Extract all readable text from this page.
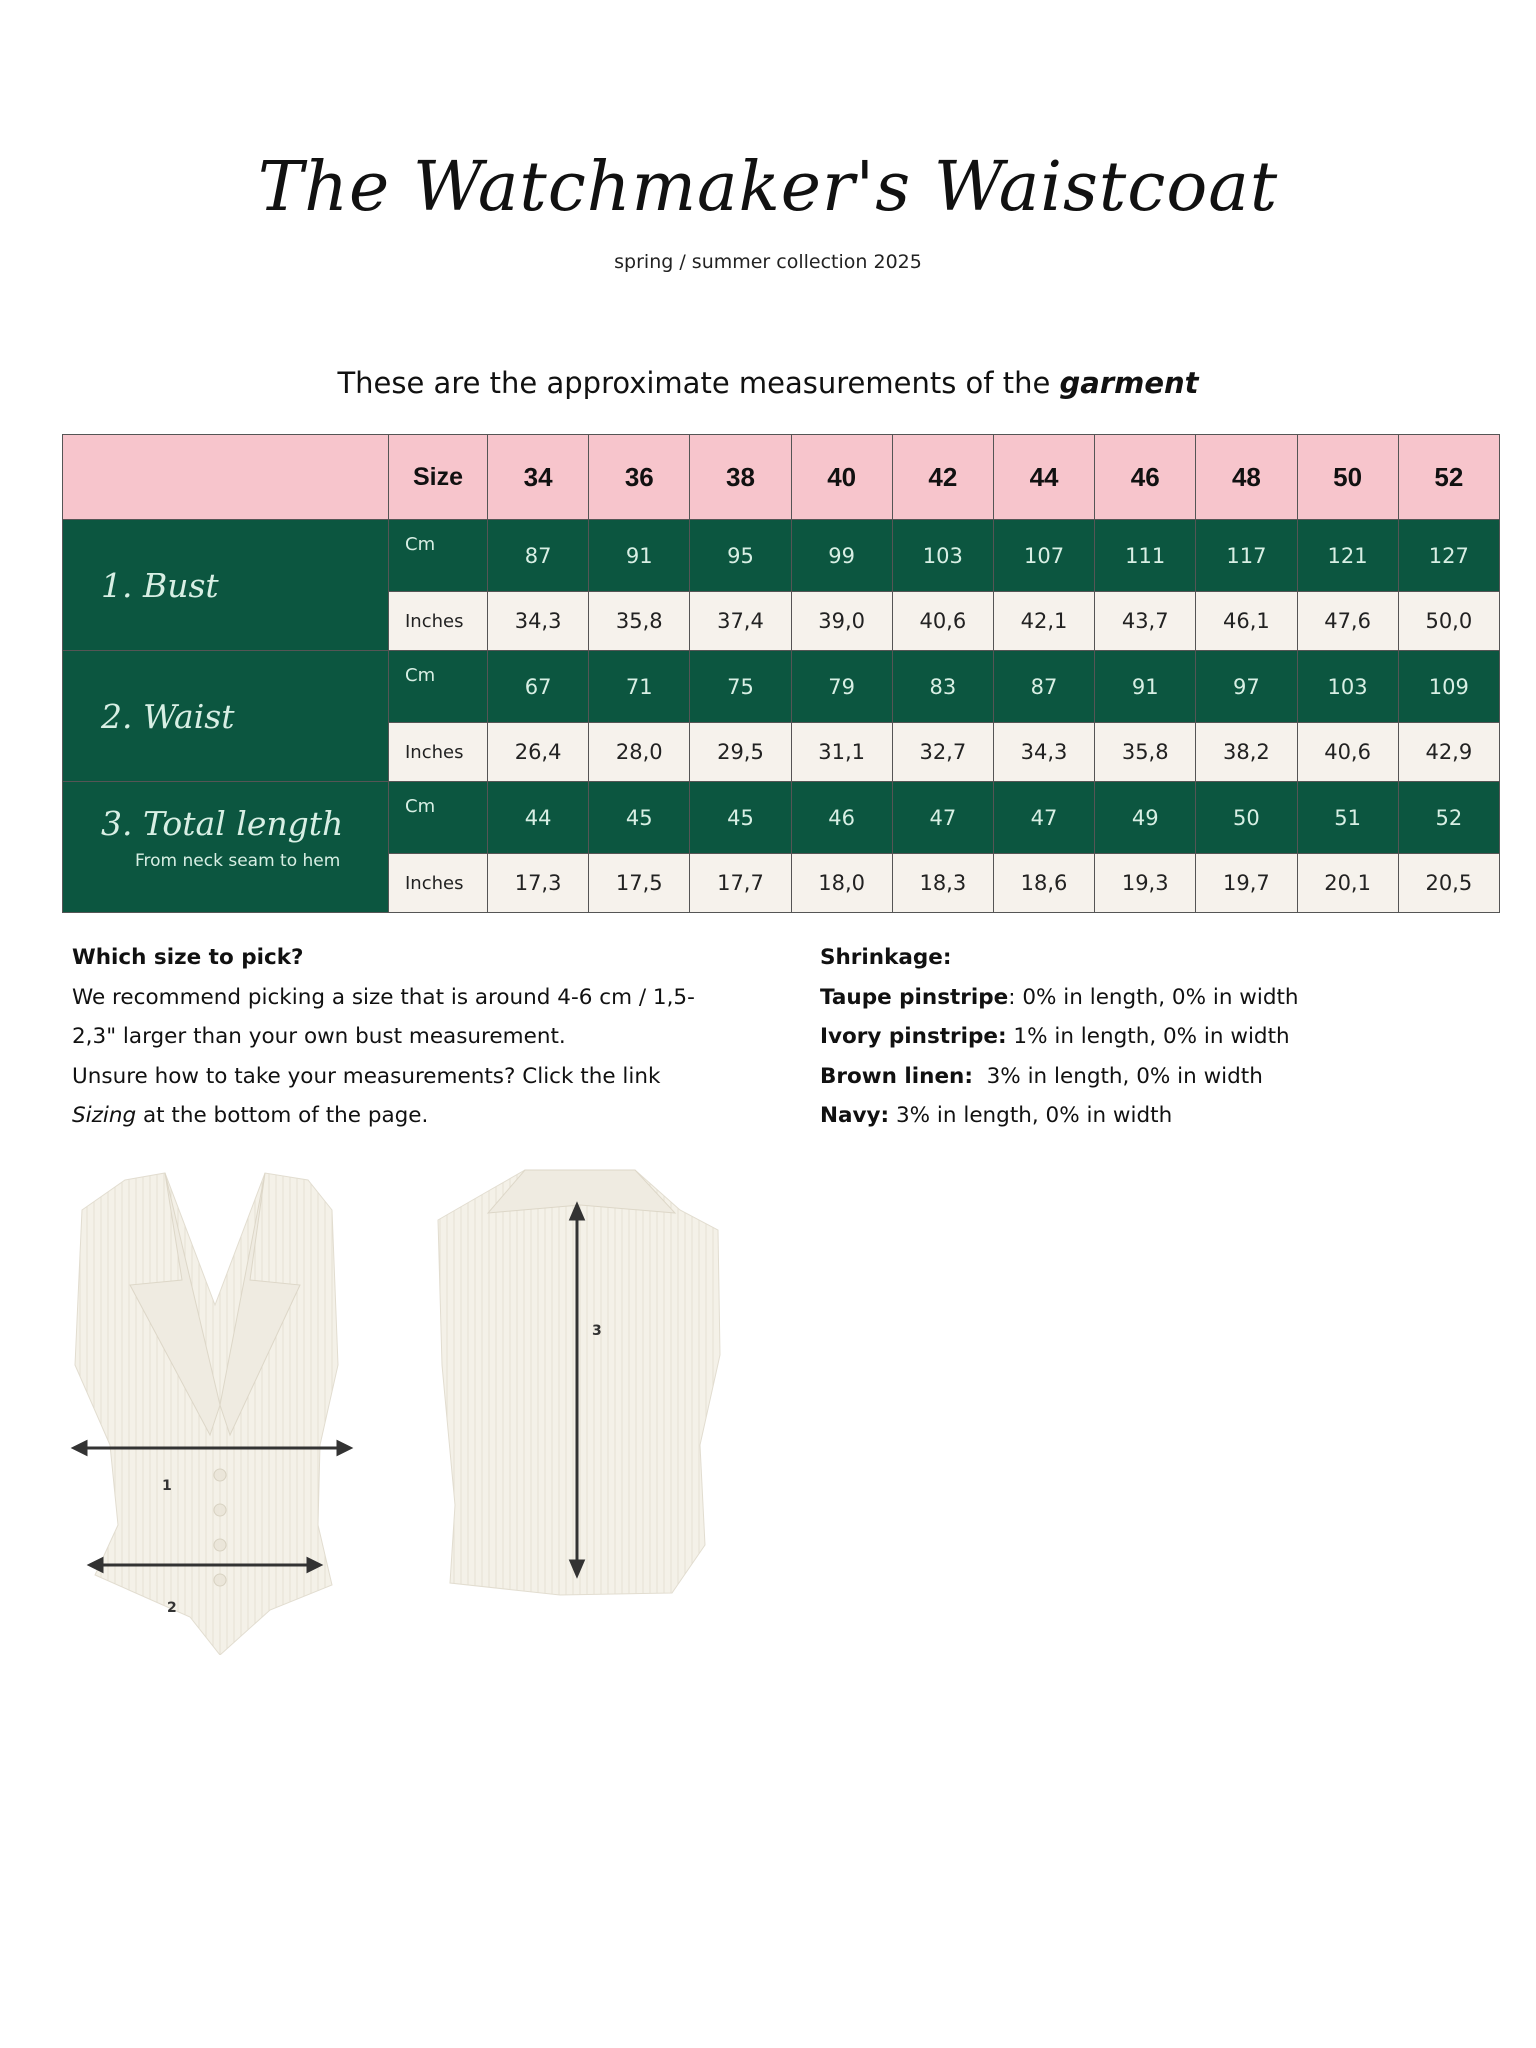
The Watchmaker's Waistcoat
spring / summer collection 2025
These are the approximate measurements of the garment
	Size	34	36	38	40	42	44	46	48	50	52
1. Bust	Cm	87	91	95	99	103	107	111	117	121	127
	Inches	34,3	35,8	37,4	39,0	40,6	42,1	43,7	46,1	47,6	50,0
2. Waist	Cm	67	71	75	79	83	87	91	97	103	109
	Inches	26,4	28,0	29,5	31,1	32,7	34,3	35,8	38,2	40,6	42,9
3. Total length
From neck seam to hem	Cm	44	45	45	46	47	47	49	50	51	52
	Inches	17,3	17,5	17,7	18,0	18,3	18,6	19,3	19,7	20,1	20,5
Which size to pick?
We recommend picking a size that is around 4-6 cm / 1,5-
2,3" larger than your own bust measurement.
Unsure how to take your measurements? Click the link
Sizing at the bottom of the page.
Shrinkage:
Taupe pinstripe: 0% in length, 0% in width
Ivory pinstripe: 1% in length, 0% in width
Brown linen:  3% in length, 0% in width
Navy: 3% in length, 0% in width
1
2
3
